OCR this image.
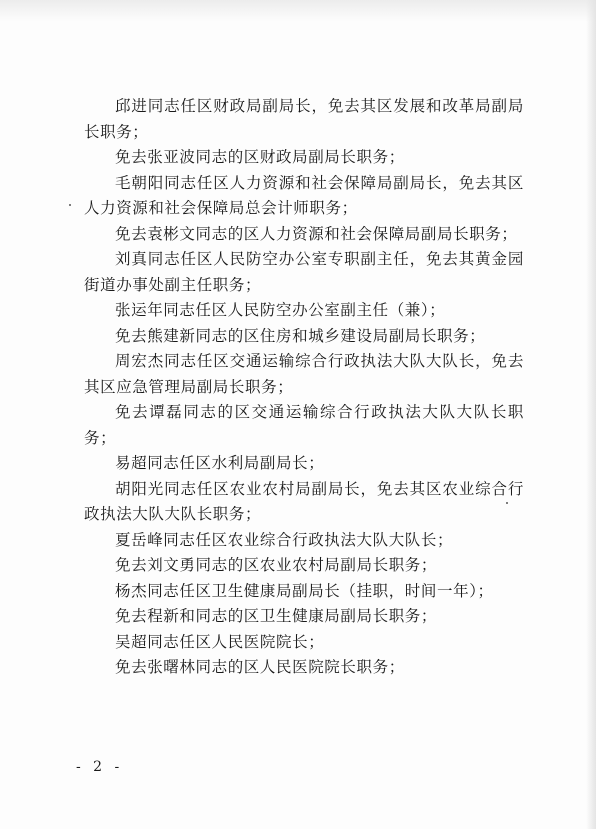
邱进同志任区财政局副局长，免去其区发展和改革局副局长职务；

免去张亚波同志的区财政局副局长职务；

毛朝阳同志任区人力资源和社会保障局副局长，免去其区人力资源和社会保障局总会计师职务；

免去袁彬文同志的区人力资源和社会保障局副局长职务；

刘真同志任区人民防空办公室专职副主任，免去其黄金园街道办事处副主任职务；

张运年同志任区人民防空办公室副主任（兼）；

免去熊建新同志的区住房和城乡建设局副局长职务；

周宏杰同志任区交通运输综合行政执法大队大队长，免去其区应急管理局副局长职务；

免去谭磊同志的区交通运输综合行政执法大队大队长职务；

易超同志任区水利局副局长；

胡阳光同志任区农业农村局副局长，免去其区农业综合行政执法大队大队长职务；

夏岳峰同志任区农业综合行政执法大队大队长；

免去刘文勇同志的区农业农村局副局长职务；

杨杰同志任区卫生健康局副局长（挂职，时间一年）；

免去程新和同志的区卫生健康局副局长职务；

吴超同志任区人民医院院长；

免去张曙林同志的区人民医院院长职务；

- 2 -
